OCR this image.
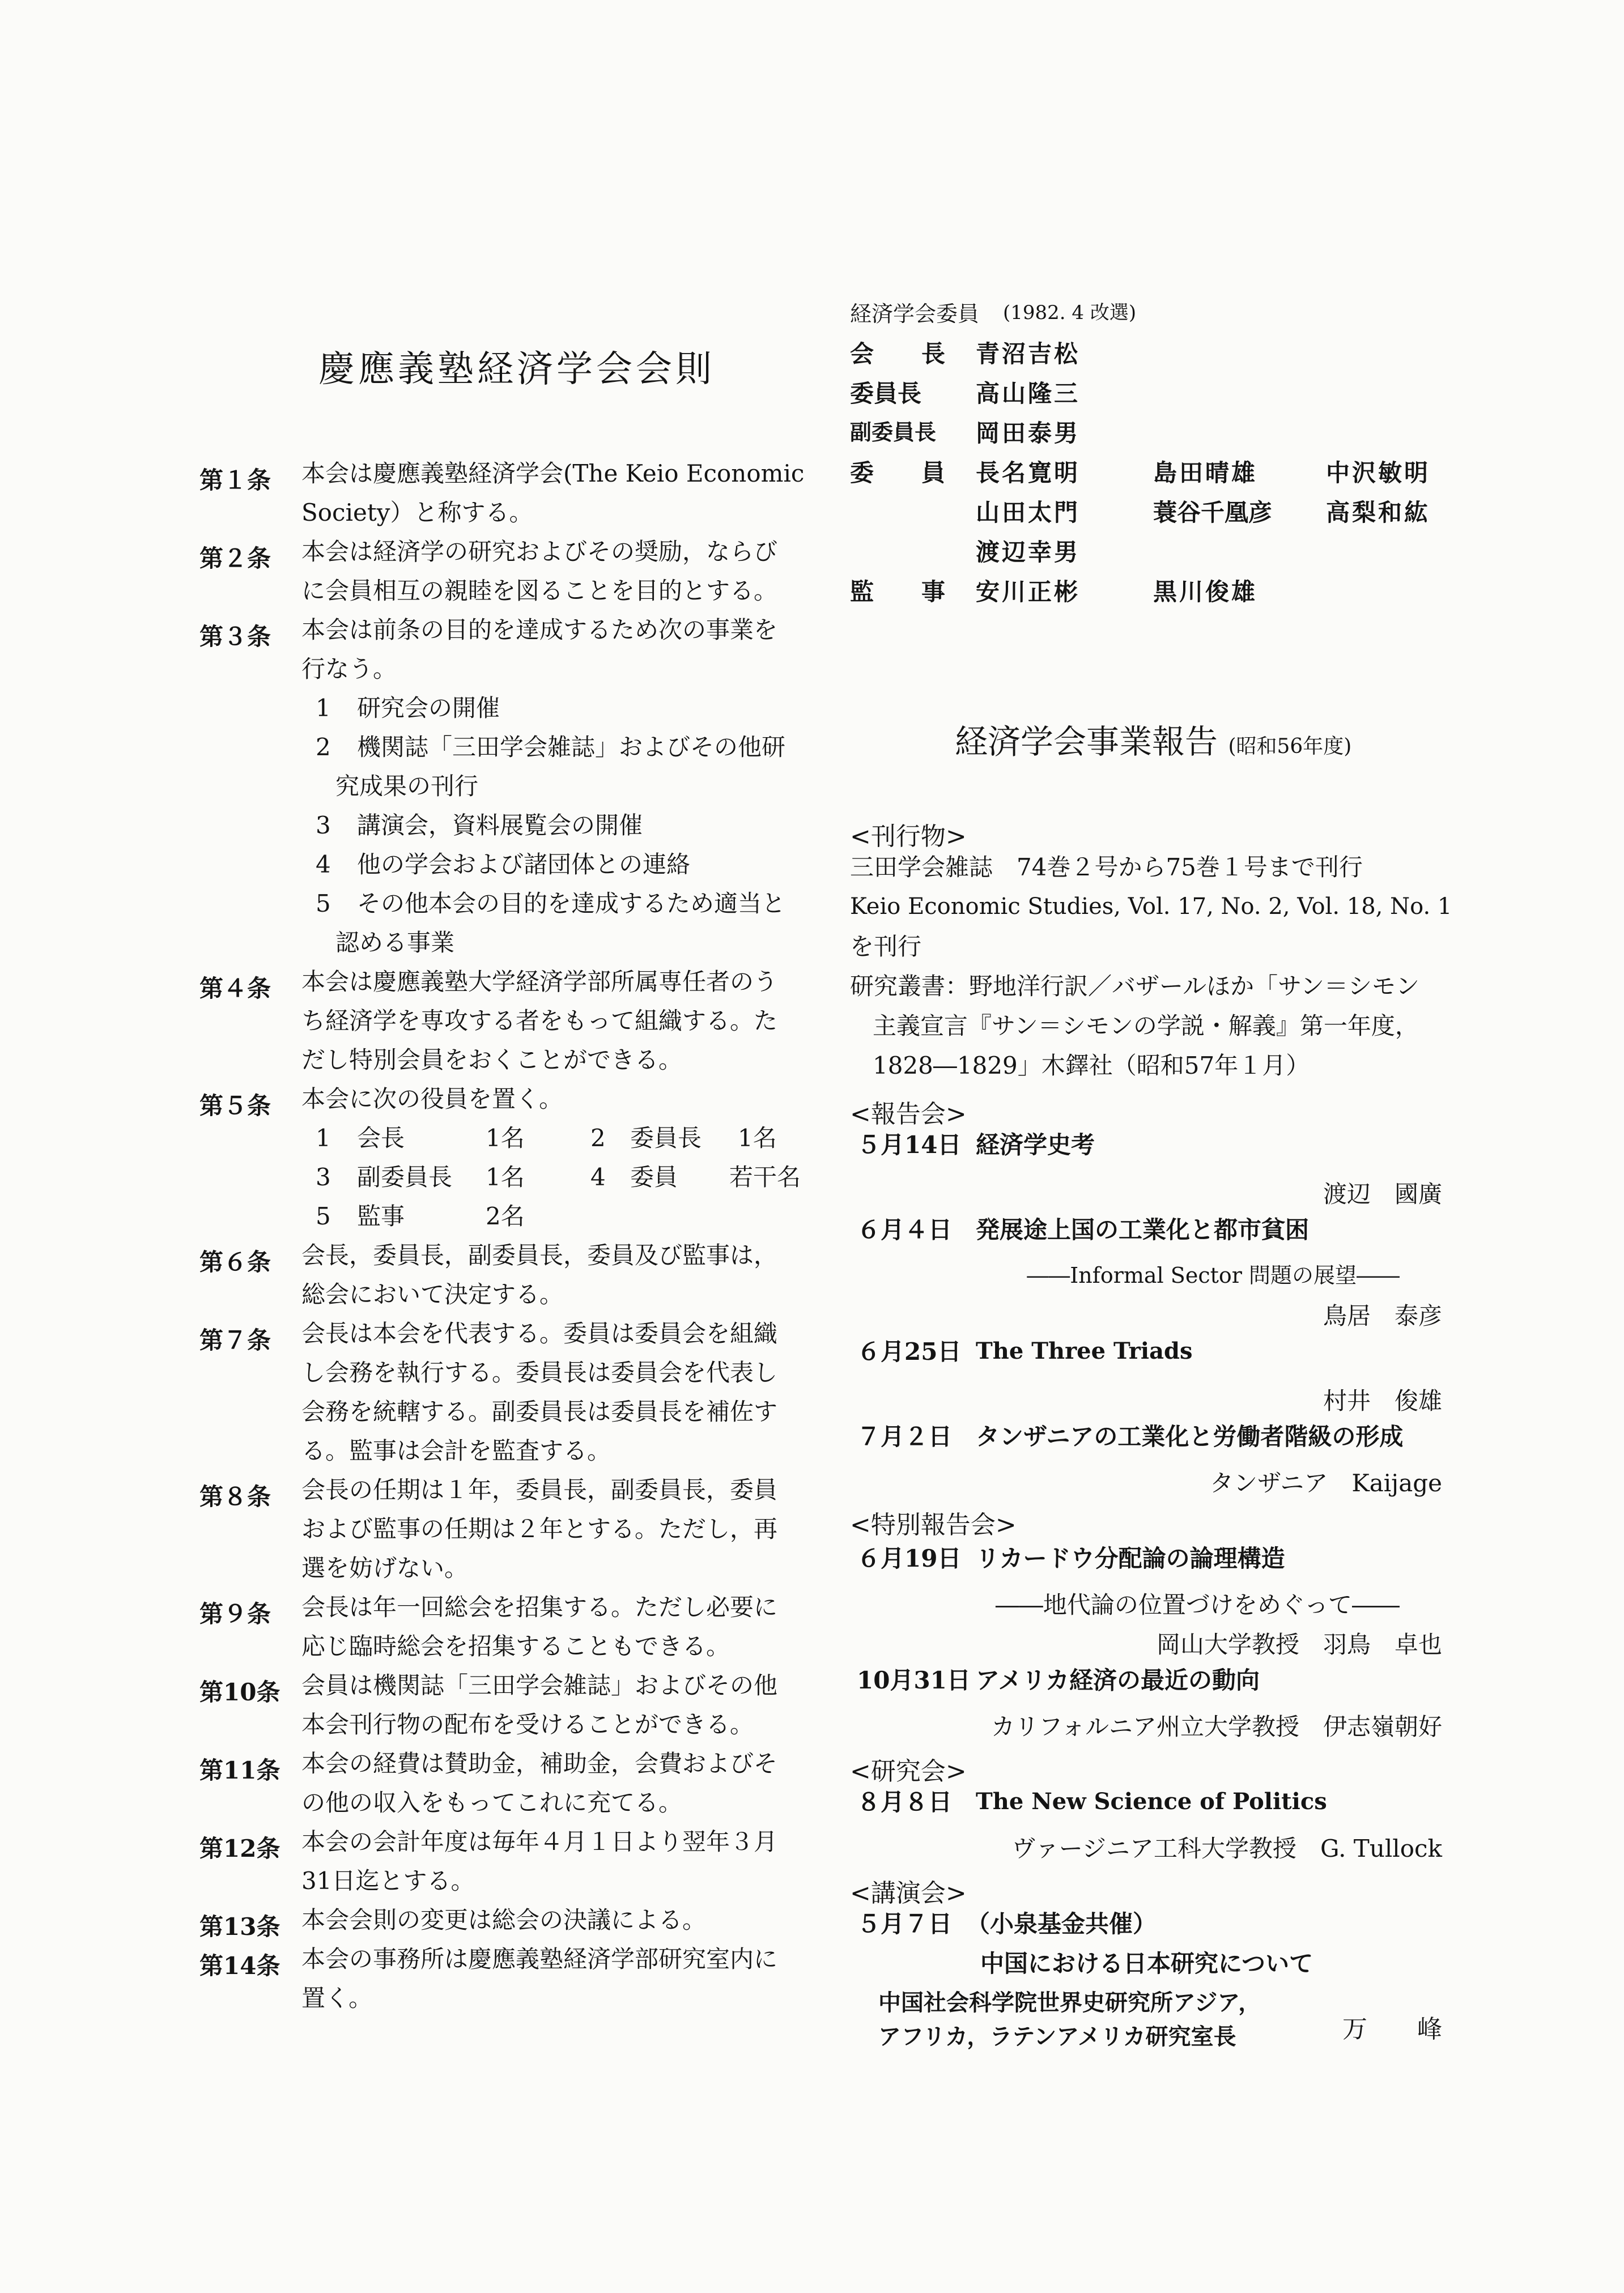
慶應義塾経済学会会則
第１条 本会は慶應義塾経済学会(The Keio Economic
Society）と称する。
第２条 本会は経済学の研究およびその奨励，ならび
に会員相互の親睦を図ることを目的とする。
第３条 本会は前条の目的を達成するため次の事業を
行なう。
1 研究会の開催
2 機関誌「三田学会雑誌」およびその他研
究成果の刊行
3 講演会，資料展覧会の開催
4 他の学会および諸団体との連絡
5 その他本会の目的を達成するため適当と
認める事業
第４条 本会は慶應義塾大学経済学部所属専任者のう
ち経済学を専攻する者をもって組織する。た
だし特別会員をおくことができる。
第５条 本会に次の役員を置く。
1 会長	1名	2 委員長 1名
3 副委員長 1名	4 委員 若干名
5 監事	2名
第６条 会長，委員長，副委員長，委員及び監事は，
総会において決定する。
第７条 会長は本会を代表する。委員は委員会を組織
し会務を執行する。委員長は委員会を代表し
会務を統轄する。副委員長は委員長を補佐す
る。監事は会計を監査する。
第８条 会長の任期は１年，委員長，副委員長，委員
および監事の任期は２年とする。ただし，再
選を妨げない。
第９条 会長は年一回総会を招集する。ただし必要に
応じ臨時総会を招集することもできる。
第10条 会員は機関誌「三田学会雑誌」およびその他
本会刊行物の配布を受けることができる。
第11条 本会の経費は賛助金，補助金，会費およびそ
の他の収入をもってこれに充てる。
第12条 本会の会計年度は毎年４月１日より翌年３月
31日迄とする。
第13条 本会会則の変更は総会の決議による。
第14条 本会の事務所は慶應義塾経済学部研究室内に
置く。
経済学会委員 (1982. 4 改選)
会　　長 青沼吉松
委員長 高山隆三
副委員長 岡田泰男
委　　員 長名寛明	島田晴雄	中沢敏明
山田太門	蓑谷千凰彦 高梨和紘
渡辺幸男
監　　事 安川正彬	黒川俊雄
経済学会事業報告 (昭和56年度)
<刊行物>
三田学会雑誌　74巻２号から75巻１号まで刊行
Keio Economic Studies, Vol. 17, No. 2, Vol. 18, No. 1
を刊行
研究叢書：野地洋行訳／バザールほか「サン＝シモン
主義宣言『サン＝シモンの学説・解義』第一年度，
1828―1829」木鐸社（昭和57年１月）
<報告会>
５月14日 経済学史考
渡辺　國廣
６月４日 発展途上国の工業化と都市貧困
――Informal Sector 問題の展望――
鳥居　泰彦
６月25日 The Three Triads
村井　俊雄
７月２日 タンザニアの工業化と労働者階級の形成
タンザニア　Kaijage
<特別報告会>
６月19日 リカードウ分配論の論理構造
――地代論の位置づけをめぐって――
岡山大学教授　羽鳥　卓也
10月31日 アメリカ経済の最近の動向
カリフォルニア州立大学教授　伊志嶺朝好
<研究会>
８月８日 The New Science of Politics
ヴァージニア工科大学教授　G. Tullock
<講演会>
５月７日 （小泉基金共催）
中国における日本研究について
中国社会科学院世界史研究所アジア，
アフリカ，ラテンアメリカ研究室長	万　　峰
